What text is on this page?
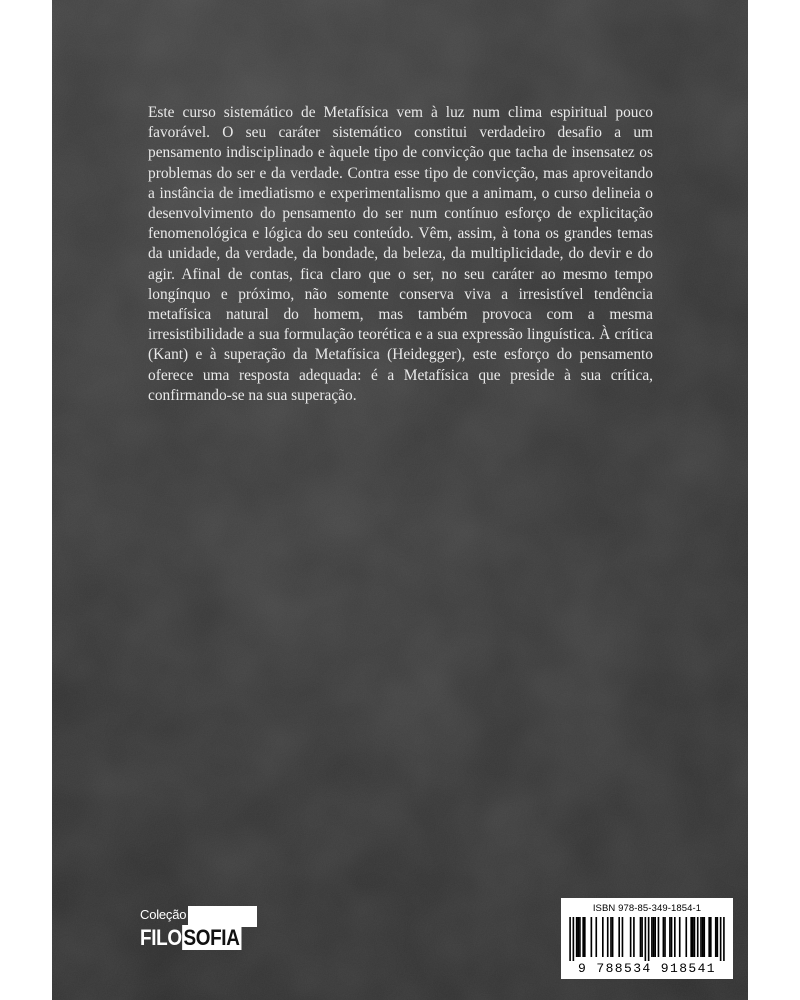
Este curso sistemático de Metafísica vem à luz num clima espiritual pouco favorável. O seu caráter sistemático constitui verdadeiro desafio a um pensamento indisciplinado e àquele tipo de convicção que tacha de insensatez os problemas do ser e da verdade. Contra esse tipo de convicção, mas aproveitando a instância de imediatismo e experimentalismo que a animam, o curso delineia o desenvolvimento do pensamento do ser num contínuo esforço de explicitação fenomenológica e lógica do seu conteúdo. Vêm, assim, à tona os grandes temas da unidade, da verdade, da bondade, da beleza, da multiplicidade, do devir e do agir. Afinal de contas, fica claro que o ser, no seu caráter ao mesmo tempo longínquo e próximo, não somente conserva viva a irresistível tendência metafísica natural do homem, mas também provoca com a mesma irresistibilidade a sua formulação teorética e a sua expressão linguística. À crítica (Kant) e à superação da Metafísica (Heidegger), este esforço do pensamento oferece uma resposta adequada: é a Metafísica que preside à sua crítica, confirmando-se na sua superação.

Coleção
FILOSOFIA
ISBN 978-85-349-1854-1
9 788534 918541
